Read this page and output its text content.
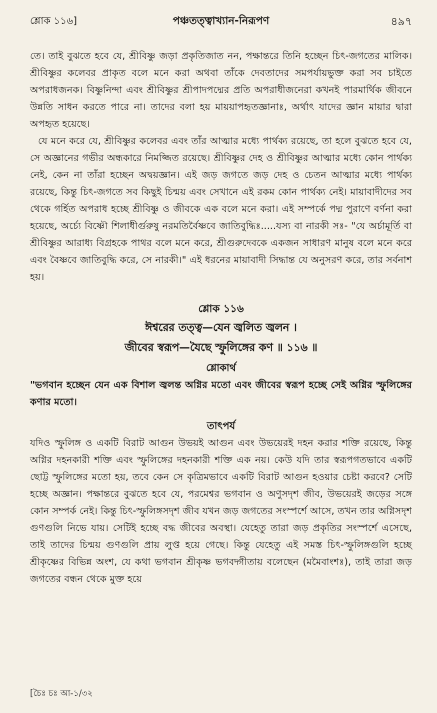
শ্লোক ১১৬]	পঞ্চতত্ত্বাখ্যান-নিরূপণ	৪৯৭

তে। তাই বুঝতে হবে যে, শ্রীবিষ্ণু জড়া প্রকৃতিজাত নন, পক্ষান্তরে তিনি হচ্ছেন চিৎ-জগতের মালিক। শ্রীবিষ্ণুর কলেবর প্রাকৃত বলে মনে করা অথবা তাঁকে দেবতাদের সমপর্যায়ভুক্ত করা সব চাইতে অপরাধজনক। বিষ্ণুনিন্দা এবং শ্রীবিষ্ণুর শ্রীপাদপদ্মের প্রতি অপরাধীজনেরা কখনই পারমার্থিক জীবনে উন্নতি সাধন করতে পারে না। তাদের বলা হয় মায়য়াপহৃতজ্ঞানাঃ, অর্থাৎ যাদের জ্ঞান মায়ার দ্বারা অপহৃত হয়েছে।

যে মনে করে যে, শ্রীবিষ্ণুর কলেবর এবং তাঁর আত্মার মধ্যে পার্থক্য রয়েছে, তা হলে বুঝতে হবে যে, সে অজ্ঞানের গভীর অন্ধকারে নিমজ্জিত রয়েছে। শ্রীবিষ্ণুর দেহ ও শ্রীবিষ্ণুর আত্মার মধ্যে কোন পার্থক্য নেই, কেন না তাঁরা হচ্ছেন অদ্বয়জ্ঞান। এই জড় জগতে জড় দেহ ও চেতন আত্মার মধ্যে পার্থক্য রয়েছে, কিন্তু চিৎ-জগতে সব কিছুই চিন্ময় এবং সেখানে এই রকম কোন পার্থক্য নেই। মায়াবাদীদের সব থেকে গর্হিত অপরাধ হচ্ছে শ্রীবিষ্ণু ও জীবকে এক বলে মনে করা। এই সম্পর্কে পদ্ম পুরাণে বর্ণনা করা হয়েছে, অর্চ্যে বিষ্ণৌ শিলাধীর্গুরুষু নরমতির্বৈষ্ণবে জাতিবুদ্ধিঃ.....যস্য বা নারকী সঃ- "যে অর্চামূর্তি বা শ্রীবিষ্ণুর আরাধ্য বিগ্রহকে পাথর বলে মনে করে, শ্রীগুরুদেবকে একজন সাধারণ মানুষ বলে মনে করে এবং বৈষ্ণবে জাতিবুদ্ধি করে, সে নারকী।" এই ধরনের মায়াবাদী সিদ্ধান্ত যে অনুসরণ করে, তার সর্বনাশ হয়।

শ্লোক ১১৬
ঈশ্বরের তত্ত্ব—যেন জ্বলিত জ্বলন ।
জীবের স্বরূপ—যৈছে স্ফুলিঙ্গের কণ ॥ ১১৬ ॥
শ্লোকার্থ

"ভগবান হচ্ছেন যেন এক বিশাল জ্বলন্ত অগ্নির মতো এবং জীবের স্বরূপ হচ্ছে সেই অগ্নির স্ফুলিঙ্গের কণার মতো।

তাৎপর্য

যদিও স্ফুলিঙ্গ ও একটি বিরাট আগুন উভয়ই আগুন এবং উভয়েরই দহন করার শক্তি রয়েছে, কিন্তু অগ্নির দহনকারী শক্তি এবং স্ফুলিঙ্গের দহনকারী শক্তি এক নয়। কেউ যদি তার স্বরূপগতভাবে একটি ছোট্ট স্ফুলিঙ্গের মতো হয়, তবে কেন সে কৃত্রিমভাবে একটি বিরাট আগুন হওয়ার চেষ্টা করবে? সেটি হচ্ছে অজ্ঞান। পক্ষান্তরে বুঝতে হবে যে, পরমেশ্বর ভগবান ও অণুসদৃশ জীব, উভয়েরই জড়ের সঙ্গে কোন সম্পর্ক নেই। কিন্তু চিৎ-স্ফুলিঙ্গসদৃশ জীব যখন জড় জগতের সংস্পর্শে আসে, তখন তার অগ্নিসদৃশ গুণগুলি নিভে যায়। সেটিই হচ্ছে বদ্ধ জীবের অবস্থা। যেহেতু তারা জড় প্রকৃতির সংস্পর্শে এসেছে, তাই তাদের চিন্ময় গুণগুলি প্রায় লুপ্ত হয়ে গেছে। কিন্তু যেহেতু এই সমস্ত চিৎ-স্ফুলিঙ্গগুলি হচ্ছে শ্রীকৃষ্ণের বিভিন্ন অংশ, যে কথা ভগবান শ্রীকৃষ্ণ ভগবদ্গীতায় বলেছেন (মমৈবাংশঃ), তাই তারা জড় জগতের বন্ধন থেকে মুক্ত হয়ে

[চৈঃ চঃ আ-১/৩২
